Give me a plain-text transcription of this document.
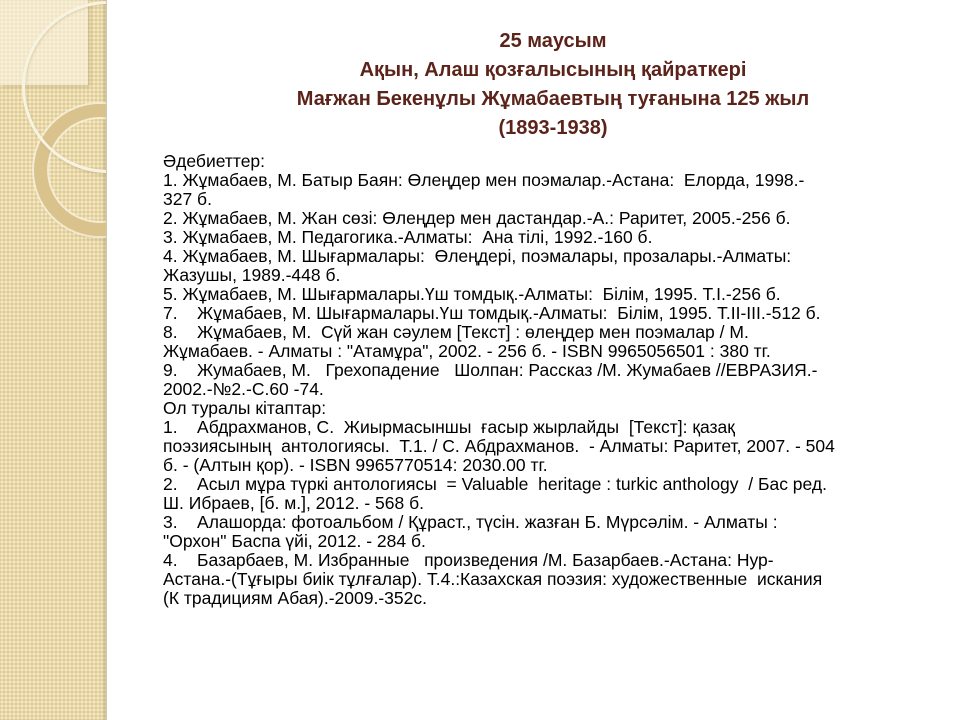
25 маусым
Ақын, Алаш қозғалысының қайраткері
Мағжан Бекенұлы Жұмабаевтың туғанына 125 жыл
(1893-1938)
Әдебиеттер:
1. Жұмабаев, М. Батыр Баян: Өлеңдер мен поэмалар.-Астана:  Елорда, 1998.-
327 б.
2. Жұмабаев, М. Жан сөзі: Өлеңдер мен дастандар.-А.: Раритет, 2005.-256 б.
3. Жұмабаев, М. Педагогика.-Алматы:  Ана тілі, 1992.-160 б.
4. Жұмабаев, М. Шығармалары:  Өлеңдері, поэмалары, прозалары.-Алматы:
Жазушы, 1989.-448 б.
5. Жұмабаев, М. Шығармалары.Үш томдық.-Алматы:  Білім, 1995. Т.I.-256 б.
7.    Жұмабаев, М. Шығармалары.Үш томдық.-Алматы:  Білім, 1995. Т.II-III.-512 б.
8.    Жұмабаев, М.  Сүй жан сәулем [Текст] : өлеңдер мен поэмалар / М.
Жұмабаев. - Алматы : "Атамұра", 2002. - 256 б. - ISBN 9965056501 : 380 тг.
9.    Жумабаев, М.   Грехопадение   Шолпан: Рассказ /М. Жумабаев //ЕВРАЗИЯ.-
2002.-№2.-С.60 -74.
Ол туралы кітаптар:
1.    Абдрахманов, С.  Жиырмасыншы  ғасыр жырлайды  [Текст]: қазақ
поэзиясының  антологиясы.  Т.1. / С. Абдрахманов.  - Алматы: Раритет, 2007. - 504
б. - (Алтын қор). - ISBN 9965770514: 2030.00 тг.
2.    Асыл мұра түркі антологиясы  = Valuable  heritage : turkic anthology  / Бас ред.
Ш. Ибраев, [б. м.], 2012. - 568 б.
3.    Алашорда: фотоальбом / Құраст., түсін. жазған Б. Мүрсәлім. - Алматы :
"Орхон" Баспа үйі, 2012. - 284 б.
4.    Базарбаев, М. Избранные   произведения /М. Базарбаев.-Астана: Нур-
Астана.-(Тұғыры биік тұлғалар). Т.4.:Казахская поэзия: художественные  искания
(К традициям Абая).-2009.-352с.
